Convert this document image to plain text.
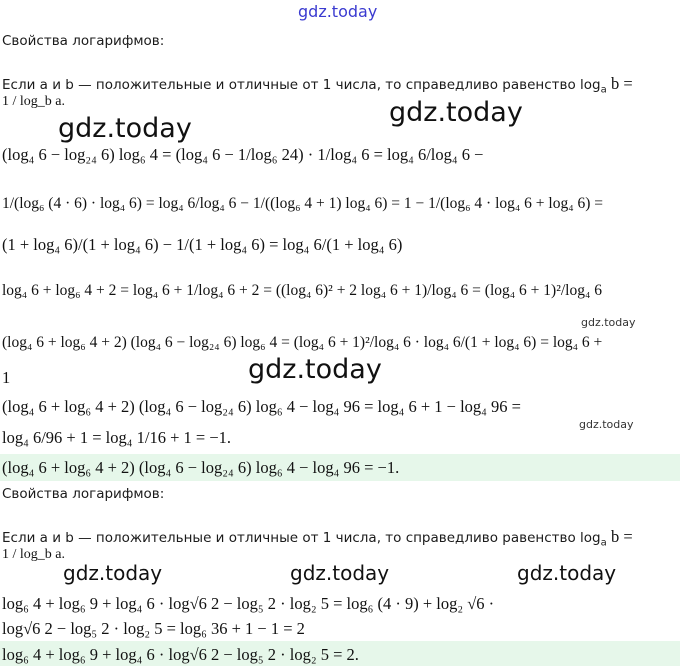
gdz.today
Свойства логарифмов:
Если a и b — положительные и отличные от 1 числа, то справедливо равенство $\log_a b$ =
1 / log_b a.
gdz.today
gdz.today
(log₄ 6 − log₂₄ 6) log₆ 4 = (log₄ 6 − 1/log₆ 24) · 1/log₄ 6 = log₄ 6/log₄ 6 −
1/(log₆ (4 · 6) · log₄ 6) = log₄ 6/log₄ 6 − 1/((log₆ 4 + 1) log₄ 6) = 1 − 1/(log₆ 4 · log₄ 6 + log₄ 6) =
(1 + log₄ 6)/(1 + log₄ 6) − 1/(1 + log₄ 6) = log₄ 6/(1 + log₄ 6)
log₄ 6 + log₆ 4 + 2 = log₄ 6 + 1/log₄ 6 + 2 = ((log₄ 6)² + 2 log₄ 6 + 1)/log₄ 6 = (log₄ 6 + 1)²/log₄ 6
gdz.today
(log₄ 6 + log₆ 4 + 2) (log₄ 6 − log₂₄ 6) log₆ 4 = (log₄ 6 + 1)²/log₄ 6 · log₄ 6/(1 + log₄ 6) = log₄ 6 +
1	gdz.today
(log₄ 6 + log₆ 4 + 2) (log₄ 6 − log₂₄ 6) log₆ 4 − log₄ 96 = log₄ 6 + 1 − log₄ 96 =
gdz.today
log₄ 6/96 + 1 = log₄ 1/16 + 1 = −1.
(log₄ 6 + log₆ 4 + 2) (log₄ 6 − log₂₄ 6) log₆ 4 − log₄ 96 = −1.
Свойства логарифмов:
Если a и b — положительные и отличные от 1 числа, то справедливо равенство $\log_a b$ =
1 / log_b a.
gdz.today	gdz.today	gdz.today
log₆ 4 + log₆ 9 + log₄ 6 · log√6 2 − log₅ 2 · log₂ 5 = log₆ (4 · 9) + log₂ √6 ·
log√6 2 − log₅ 2 · log₂ 5 = log₆ 36 + 1 − 1 = 2
log₆ 4 + log₆ 9 + log₄ 6 · log√6 2 − log₅ 2 · log₂ 5 = 2.
